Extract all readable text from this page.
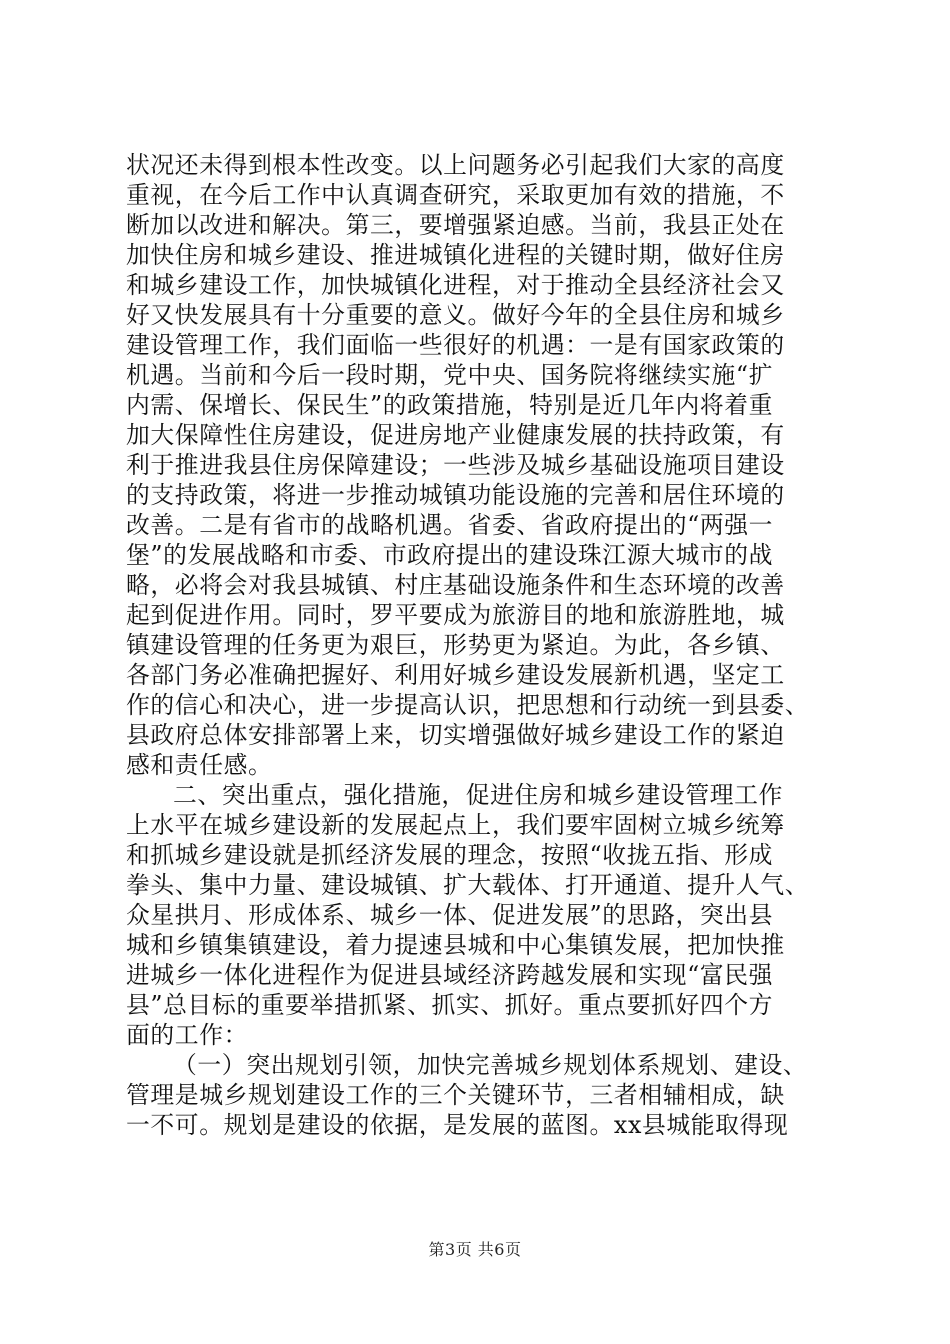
状况还未得到根本性改变。以上问题务必引起我们大家的高度
重视，在今后工作中认真调查研究，采取更加有效的措施，不
断加以改进和解决。第三，要增强紧迫感。当前，我县正处在
加快住房和城乡建设、推进城镇化进程的关键时期，做好住房
和城乡建设工作，加快城镇化进程，对于推动全县经济社会又
好又快发展具有十分重要的意义。做好今年的全县住房和城乡
建设管理工作，我们面临一些很好的机遇：一是有国家政策的
机遇。当前和今后一段时期，党中央、国务院将继续实施“扩
内需、保增长、保民生”的政策措施，特别是近几年内将着重
加大保障性住房建设，促进房地产业健康发展的扶持政策，有
利于推进我县住房保障建设；一些涉及城乡基础设施项目建设
的支持政策，将进一步推动城镇功能设施的完善和居住环境的
改善。二是有省市的战略机遇。省委、省政府提出的“两强一
堡”的发展战略和市委、市政府提出的建设珠江源大城市的战
略，必将会对我县城镇、村庄基础设施条件和生态环境的改善
起到促进作用。同时，罗平要成为旅游目的地和旅游胜地，城
镇建设管理的任务更为艰巨，形势更为紧迫。为此，各乡镇、
各部门务必准确把握好、利用好城乡建设发展新机遇，坚定工
作的信心和决心，进一步提高认识，把思想和行动统一到县委、
县政府总体安排部署上来，切实增强做好城乡建设工作的紧迫
感和责任感。
二、突出重点，强化措施，促进住房和城乡建设管理工作
上水平在城乡建设新的发展起点上，我们要牢固树立城乡统筹
和抓城乡建设就是抓经济发展的理念，按照“收拢五指、形成
拳头、集中力量、建设城镇、扩大载体、打开通道、提升人气、
众星拱月、形成体系、城乡一体、促进发展”的思路，突出县
城和乡镇集镇建设，着力提速县城和中心集镇发展，把加快推
进城乡一体化进程作为促进县域经济跨越发展和实现“富民强
县”总目标的重要举措抓紧、抓实、抓好。重点要抓好四个方
面的工作：
（一）突出规划引领，加快完善城乡规划体系规划、建设、
管理是城乡规划建设工作的三个关键环节，三者相辅相成，缺
一不可。规划是建设的依据，是发展的蓝图。xx县城能取得现
第3页 共6页
